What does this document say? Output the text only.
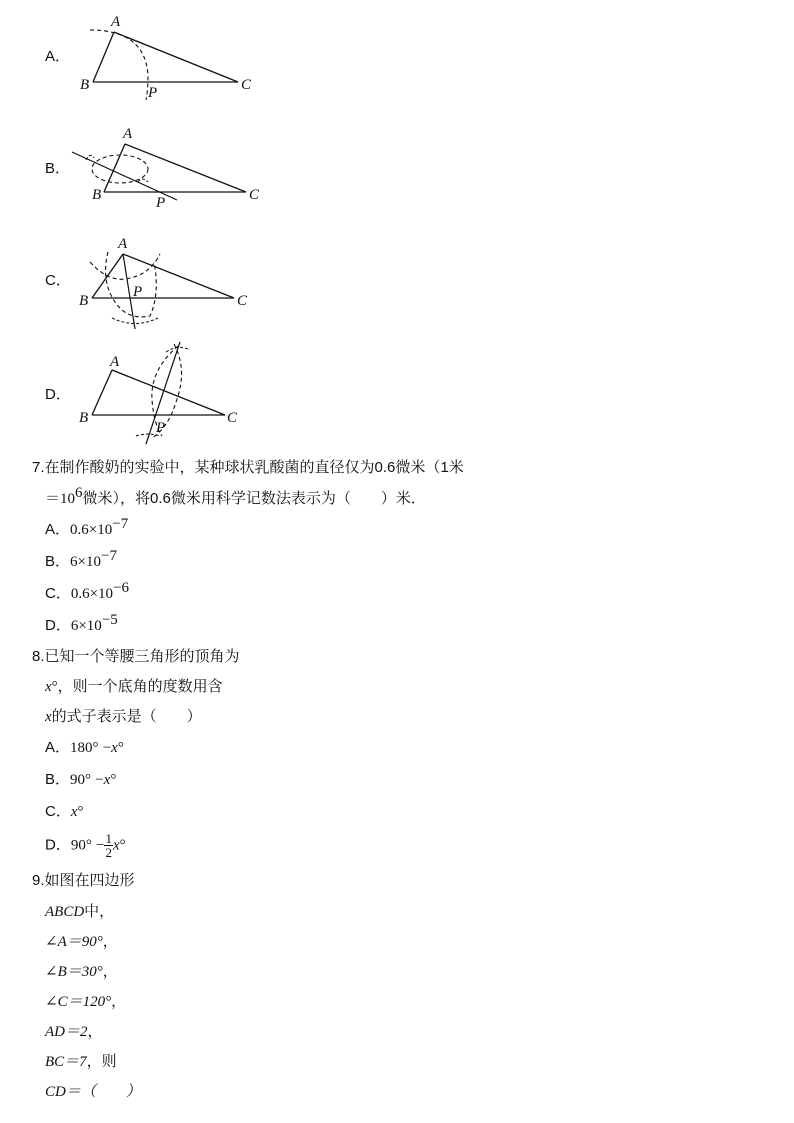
A．
A
B	C
P
B．
A
B	C
P
C．
A
B	C
P
D．
A
B	C
P
7.在制作酸奶的实验中，某种球状乳酸菌的直径仅为0.6微米（1米
$=10^6$微米），将0.6微米用科学记数法表示为（　　）米．
A．$0.6\times 10^{-7}$
B．$6\times 10^{-7}$
C．$0.6\times 10^{-6}$
D．$6\times 10^{-5}$
8.已知一个等腰三角形的顶角为
x°，则一个底角的度数用含
x的式子表示是（　　）
A．180° −x°
B．90° −x°
C．x°
D．$90^\circ - \frac{1}{2} x^\circ$
9.如图在四边形
ABCD中，
∠A＝90°，
∠B＝30°，
∠C＝120°，
AD＝2，
BC＝7，则
CD＝（　　）
